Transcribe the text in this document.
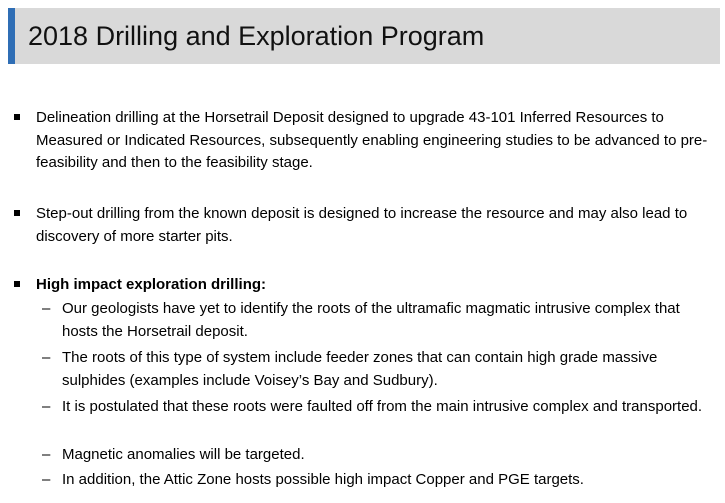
2018 Drilling and Exploration Program
Delineation drilling at the Horsetrail Deposit designed to upgrade 43-101 Inferred Resources to Measured or Indicated Resources, subsequently enabling engineering studies to be advanced to pre-feasibility and then to the feasibility stage.
Step-out drilling from the known deposit is designed to increase the resource and may also lead to discovery of more starter pits.
High impact exploration drilling:
– Our geologists have yet to identify the roots of the ultramafic magmatic intrusive complex that hosts the Horsetrail deposit.
– The roots of this type of system include feeder zones that can contain high grade massive sulphides (examples include Voisey’s Bay and Sudbury).
– It is postulated that these roots were faulted off from the main intrusive complex and transported.
– Magnetic anomalies will be targeted.
– In addition, the Attic Zone hosts possible high impact Copper and PGE targets.
